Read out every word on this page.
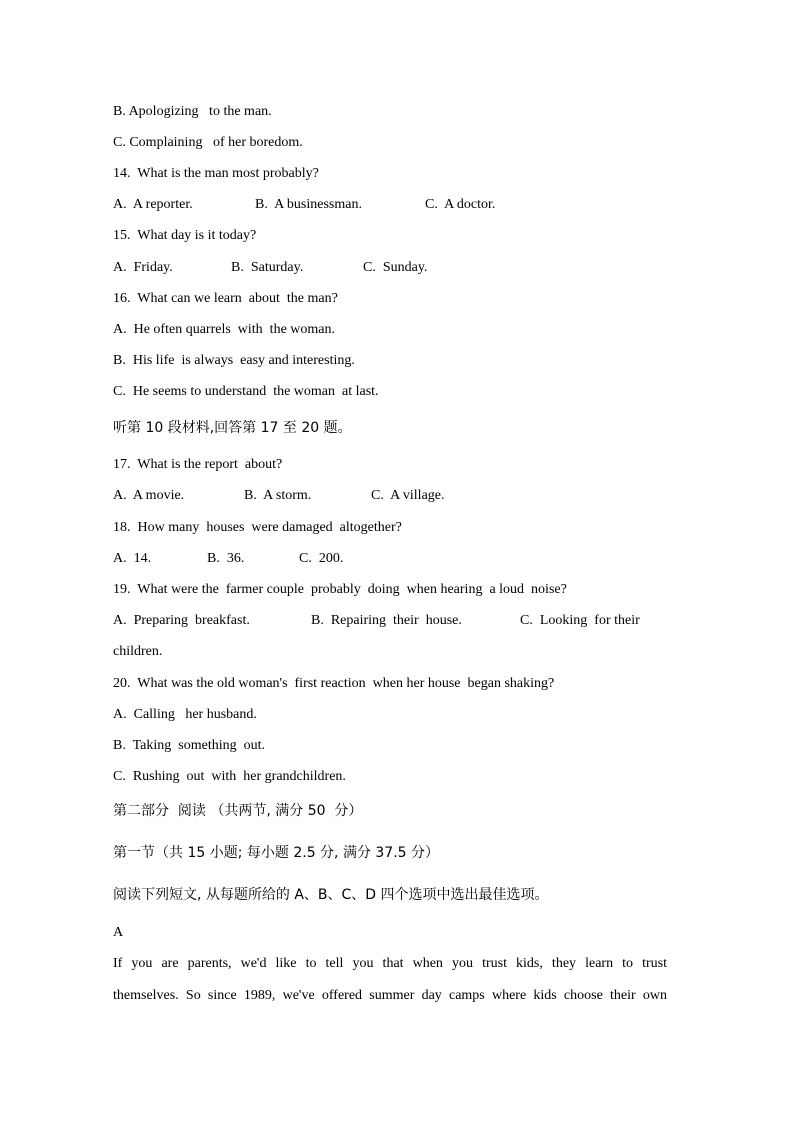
B. Apologizing   to the man.
C. Complaining   of her boredom.
14.  What is the man most probably?
A.  A reporter.	B.  A businessman.	C.  A doctor.
15.  What day is it today?
A.  Friday.	B.  Saturday.	C.  Sunday.
16.  What can we learn  about  the man?
A.  He often quarrels  with  the woman.
B.  His life  is always  easy and interesting.
C.  He seems to understand  the woman  at last.
听第 10 段材料,回答第 17 至 20 题。
17.  What is the report  about?
A.  A movie.	B.  A storm.	C.  A village.
18.  How many  houses  were damaged  altogether?
A.  14.	B.  36.	C.  200.
19.  What were the  farmer couple  probably  doing  when hearing  a loud  noise?
A.  Preparing  breakfast.	B.  Repairing  their  house.	C.  Looking  for their
children.
20.  What was the old woman's  first reaction  when her house  began shaking?
A.  Calling   her husband.
B.  Taking  something  out.
C.  Rushing  out  with  her grandchildren.
第二部分  阅读 （共两节, 满分 50  分）
第一节（共 15 小题; 每小题 2.5 分, 满分 37.5 分）
阅读下列短文, 从每题所给的 A、B、C、D 四个选项中选出最佳选项。
A
If you are parents, we'd like to tell you that when you trust kids, they learn to trust
themselves. So since 1989, we've offered summer day camps where kids choose their own
